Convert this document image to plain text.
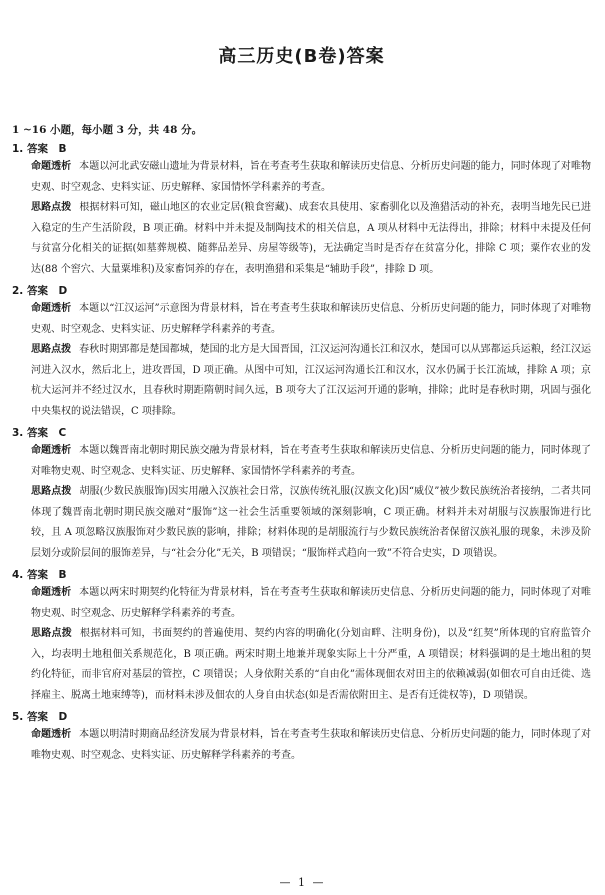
高三历史(B卷)答案
1 ~16 小题，每小题 3 分，共 48 分。
1. 答案　B
命题透析 本题以河北武安磁山遗址为背景材料，旨在考查考生获取和解读历史信息、分析历史问题的能力，同时体现了对唯物史观、时空观念、史料实证、历史解释、家国情怀学科素养的考查。
思路点拨 根据材料可知，磁山地区的农业定居(粮食窖藏)、成套农具使用、家畜驯化以及渔猎活动的补充，表明当地先民已进入稳定的生产生活阶段，B 项正确。材料中并未提及制陶技术的相关信息，A 项从材料中无法得出，排除；材料中未提及任何与贫富分化相关的证据(如墓葬规模、随葬品差异、房屋等级等)，无法确定当时是否存在贫富分化，排除 C 项；粟作农业的发达(88 个窖穴、大量粟堆积)及家畜饲养的存在，表明渔猎和采集是“辅助手段”，排除 D 项。
2. 答案　D
命题透析 本题以“江汉运河”示意图为背景材料，旨在考查考生获取和解读历史信息、分析历史问题的能力，同时体现了对唯物史观、时空观念、史料实证、历史解释学科素养的考查。
思路点拨 春秋时期郢都是楚国都城，楚国的北方是大国晋国，江汉运河沟通长江和汉水，楚国可以从郢都运兵运粮，经江汉运河进入汉水，然后北上，进攻晋国，D 项正确。从图中可知，江汉运河沟通长江和汉水，汉水仍属于长江流域，排除 A 项；京杭大运河并不经过汉水，且春秋时期距隋朝时间久远，B 项夸大了江汉运河开通的影响，排除；此时是春秋时期，巩固与强化中央集权的说法错误，C 项排除。
3. 答案　C
命题透析 本题以魏晋南北朝时期民族交融为背景材料，旨在考查考生获取和解读历史信息、分析历史问题的能力，同时体现了对唯物史观、时空观念、史料实证、历史解释、家国情怀学科素养的考查。
思路点拨 胡服(少数民族服饰)因实用融入汉族社会日常，汉族传统礼服(汉族文化)因“威仪”被少数民族统治者接纳，二者共同体现了魏晋南北朝时期民族交融对“服饰”这一社会生活重要领域的深刻影响，C 项正确。材料并未对胡服与汉族服饰进行比较，且 A 项忽略汉族服饰对少数民族的影响，排除；材料体现的是胡服流行与少数民族统治者保留汉族礼服的现象，未涉及阶层划分或阶层间的服饰差异，与“社会分化”无关，B 项错误；“服饰样式趋向一致”不符合史实，D 项错误。
4. 答案　B
命题透析 本题以两宋时期契约化特征为背景材料，旨在考查考生获取和解读历史信息、分析历史问题的能力，同时体现了对唯物史观、时空观念、历史解释学科素养的考查。
思路点拨 根据材料可知，书面契约的普遍使用、契约内容的明确化(分划亩畔、注明身份)，以及“红契”所体现的官府监管介入，均表明土地租佃关系规范化，B 项正确。两宋时期土地兼并现象实际上十分严重，A 项错误；材料强调的是土地出租的契约化特征，而非官府对基层的管控，C 项错误；人身依附关系的“自由化”需体现佃农对田主的依赖减弱(如佃农可自由迁徙、选择雇主、脱离土地束缚等)，而材料未涉及佃农的人身自由状态(如是否需依附田主、是否有迁徙权等)，D 项错误。
5. 答案　D
命题透析 本题以明清时期商品经济发展为背景材料，旨在考查考生获取和解读历史信息、分析历史问题的能力，同时体现了对唯物史观、时空观念、史料实证、历史解释学科素养的考查。
— 1 —
